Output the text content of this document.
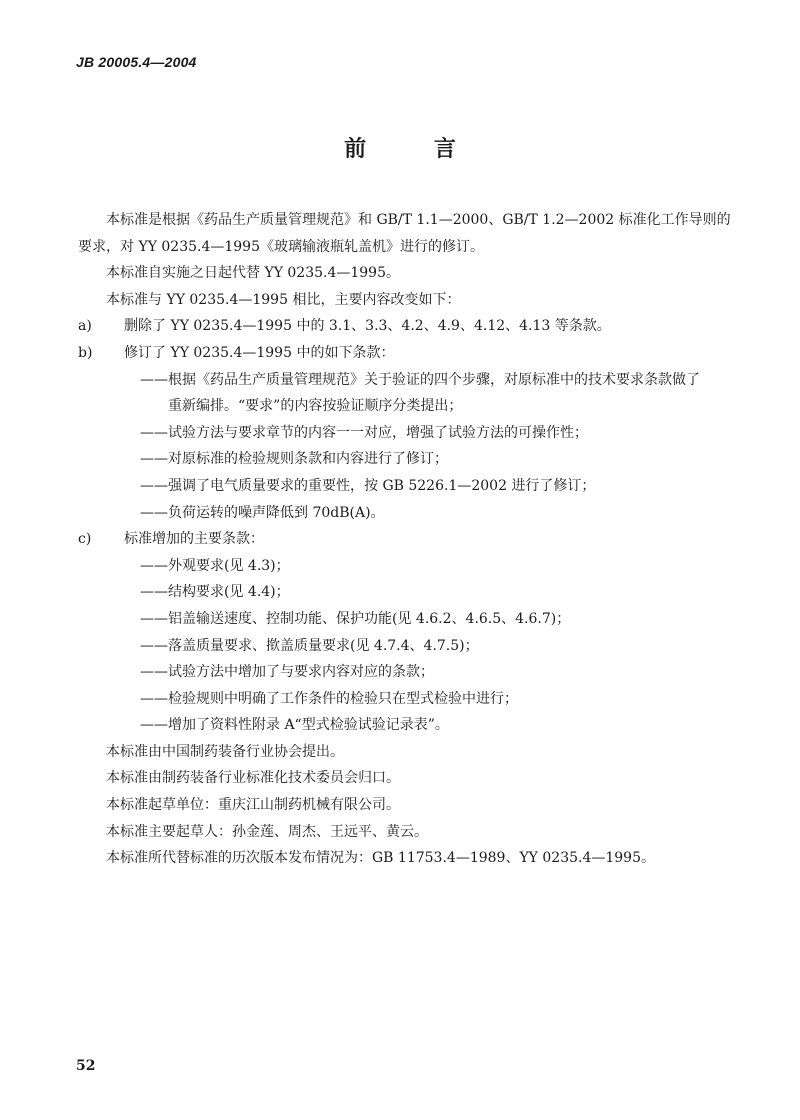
JB 20005.4—2004
前 言
本标准是根据《药品生产质量管理规范》和 GB/T 1.1—2000、GB/T 1.2—2002 标准化工作导则的
要求，对 YY 0235.4—1995《玻璃输液瓶轧盖机》进行的修订。
本标准自实施之日起代替 YY 0235.4—1995。
本标准与 YY 0235.4—1995 相比，主要内容改变如下：
a) 删除了 YY 0235.4—1995 中的 3.1、3.3、4.2、4.9、4.12、4.13 等条款。
b) 修订了 YY 0235.4—1995 中的如下条款：
——根据《药品生产质量管理规范》关于验证的四个步骤，对原标准中的技术要求条款做了
重新编排。“要求”的内容按验证顺序分类提出；
——试验方法与要求章节的内容一一对应，增强了试验方法的可操作性；
——对原标准的检验规则条款和内容进行了修订；
——强调了电气质量要求的重要性，按 GB 5226.1—2002 进行了修订；
——负荷运转的噪声降低到 70dB(A)。
c) 标准增加的主要条款：
——外观要求(见 4.3)；
——结构要求(见 4.4)；
——铝盖输送速度、控制功能、保护功能(见 4.6.2、4.6.5、4.6.7)；
——落盖质量要求、揿盖质量要求(见 4.7.4、4.7.5)；
——试验方法中增加了与要求内容对应的条款；
——检验规则中明确了工作条件的检验只在型式检验中进行；
——增加了资料性附录 A“型式检验试验记录表”。
本标准由中国制药装备行业协会提出。
本标准由制药装备行业标准化技术委员会归口。
本标准起草单位：重庆江山制药机械有限公司。
本标准主要起草人：孙金莲、周杰、王远平、黄云。
本标准所代替标准的历次版本发布情况为：GB 11753.4—1989、YY 0235.4—1995。
52
